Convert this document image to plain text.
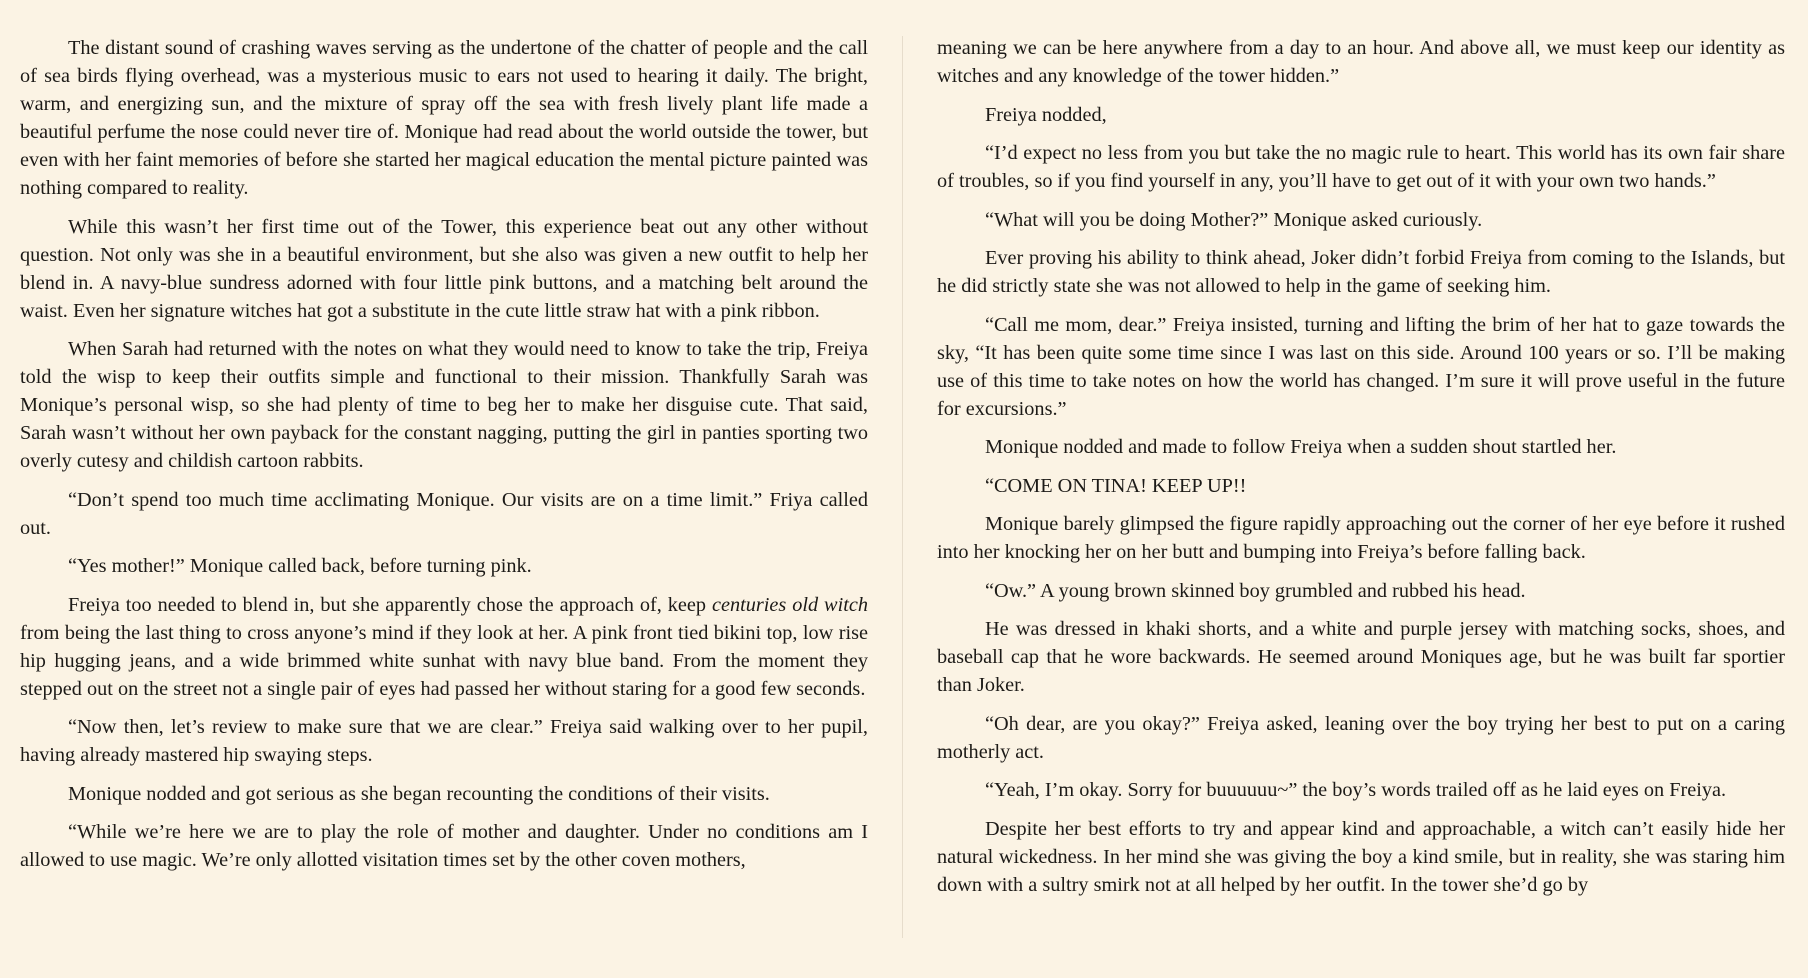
The distant sound of crashing waves serving as the undertone of the chatter of people and the call of sea birds flying overhead, was a mysterious music to ears not used to hearing it daily. The bright, warm, and energizing sun, and the mixture of spray off the sea with fresh lively plant life made a beautiful perfume the nose could never tire of. Monique had read about the world outside the tower, but even with her faint memories of before she started her magical education the mental picture painted was nothing compared to reality.

While this wasn’t her first time out of the Tower, this experience beat out any other without question. Not only was she in a beautiful environment, but she also was given a new outfit to help her blend in. A navy-blue sundress adorned with four little pink buttons, and a matching belt around the waist. Even her signature witches hat got a substitute in the cute little straw hat with a pink ribbon.

When Sarah had returned with the notes on what they would need to know to take the trip, Freiya told the wisp to keep their outfits simple and functional to their mission. Thankfully Sarah was Monique’s personal wisp, so she had plenty of time to beg her to make her disguise cute. That said, Sarah wasn’t without her own payback for the constant nagging, putting the girl in panties sporting two overly cutesy and childish cartoon rabbits.

“Don’t spend too much time acclimating Monique. Our visits are on a time limit.” Friya called out.

“Yes mother!” Monique called back, before turning pink.

Freiya too needed to blend in, but she apparently chose the approach of, keep centuries old witch from being the last thing to cross anyone’s mind if they look at her. A pink front tied bikini top, low rise hip hugging jeans, and a wide brimmed white sunhat with navy blue band. From the moment they stepped out on the street not a single pair of eyes had passed her without staring for a good few seconds.

“Now then, let’s review to make sure that we are clear.” Freiya said walking over to her pupil, having already mastered hip swaying steps.

Monique nodded and got serious as she began recounting the conditions of their visits.

“While we’re here we are to play the role of mother and daughter. Under no conditions am I allowed to use magic. We’re only allotted visitation times set by the other coven mothers,

meaning we can be here anywhere from a day to an hour. And above all, we must keep our identity as witches and any knowledge of the tower hidden.”

Freiya nodded,

“I’d expect no less from you but take the no magic rule to heart. This world has its own fair share of troubles, so if you find yourself in any, you’ll have to get out of it with your own two hands.”

“What will you be doing Mother?” Monique asked curiously.

Ever proving his ability to think ahead, Joker didn’t forbid Freiya from coming to the Islands, but he did strictly state she was not allowed to help in the game of seeking him.

“Call me mom, dear.” Freiya insisted, turning and lifting the brim of her hat to gaze towards the sky, “It has been quite some time since I was last on this side. Around 100 years or so. I’ll be making use of this time to take notes on how the world has changed. I’m sure it will prove useful in the future for excursions.”

Monique nodded and made to follow Freiya when a sudden shout startled her.

“COME ON TINA! KEEP UP!!

Monique barely glimpsed the figure rapidly approaching out the corner of her eye before it rushed into her knocking her on her butt and bumping into Freiya’s before falling back.

“Ow.” A young brown skinned boy grumbled and rubbed his head.

He was dressed in khaki shorts, and a white and purple jersey with matching socks, shoes, and baseball cap that he wore backwards. He seemed around Moniques age, but he was built far sportier than Joker.

“Oh dear, are you okay?” Freiya asked, leaning over the boy trying her best to put on a caring motherly act.

“Yeah, I’m okay. Sorry for buuuuuu~” the boy’s words trailed off as he laid eyes on Freiya.

Despite her best efforts to try and appear kind and approachable, a witch can’t easily hide her natural wickedness. In her mind she was giving the boy a kind smile, but in reality, she was staring him down with a sultry smirk not at all helped by her outfit. In the tower she’d go by
